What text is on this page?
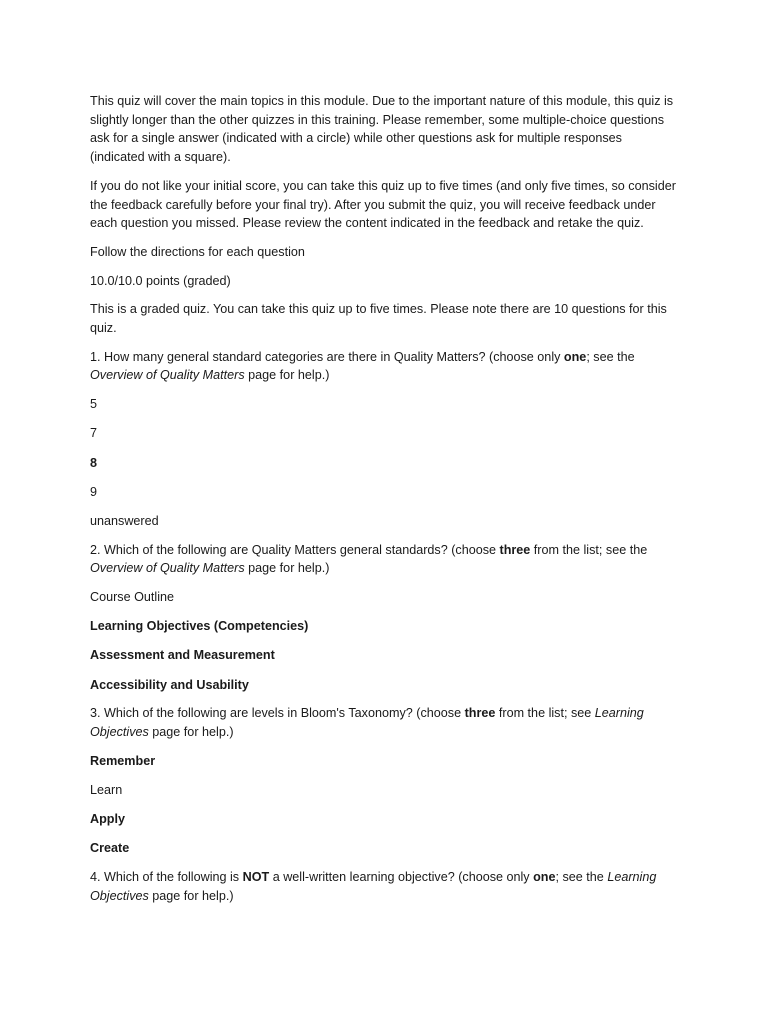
This quiz will cover the main topics in this module. Due to the important nature of this module, this quiz is slightly longer than the other quizzes in this training. Please remember, some multiple-choice questions ask for a single answer (indicated with a circle) while other questions ask for multiple responses (indicated with a square).

If you do not like your initial score, you can take this quiz up to five times (and only five times, so consider the feedback carefully before your final try). After you submit the quiz, you will receive feedback under each question you missed. Please review the content indicated in the feedback and retake the quiz.

Follow the directions for each question

10.0/10.0 points (graded)

This is a graded quiz. You can take this quiz up to five times. Please note there are 10 questions for this quiz.

1. How many general standard categories are there in Quality Matters? (choose only one; see the Overview of Quality Matters page for help.)

5

7

8

9

unanswered

2. Which of the following are Quality Matters general standards? (choose three from the list; see the Overview of Quality Matters page for help.)

Course Outline

Learning Objectives (Competencies)

Assessment and Measurement

Accessibility and Usability

3. Which of the following are levels in Bloom's Taxonomy? (choose three from the list; see Learning Objectives page for help.)

Remember

Learn

Apply

Create

4. Which of the following is NOT a well-written learning objective? (choose only one; see the Learning Objectives page for help.)
